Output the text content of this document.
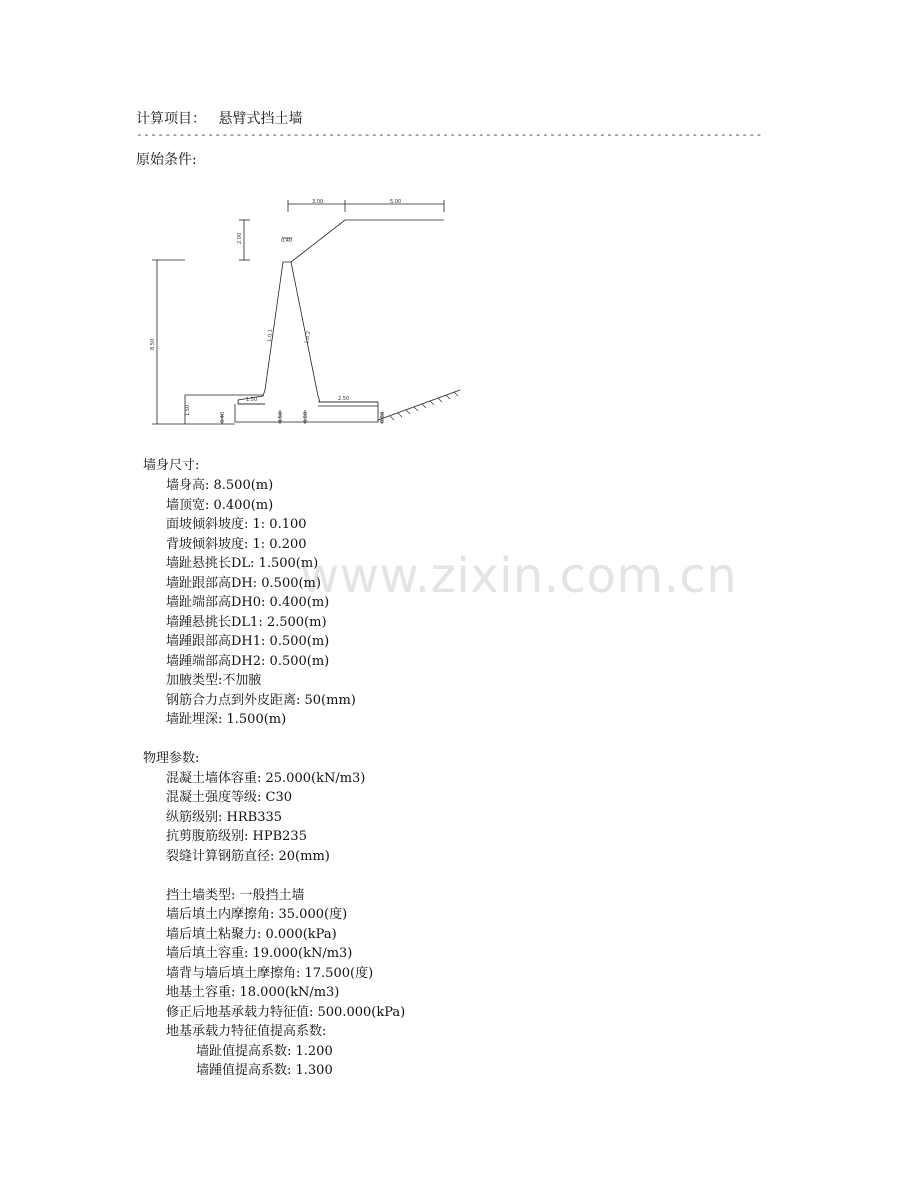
计算项目： 悬臂式挡土墙
----------------------------------------------------------------------------------------
原始条件:
www.zixin.com.cn
3.00	5.00
2.00	0.40
8.50
1.50
1.50	2.50
1:0.1	1:0.2
0.40	0.50	0.50	0.50
墙身尺寸:
墙身高: 8.500(m)
墙顶宽: 0.400(m)
面坡倾斜坡度: 1: 0.100
背坡倾斜坡度: 1: 0.200
墙趾悬挑长DL: 1.500(m)
墙趾跟部高DH: 0.500(m)
墙趾端部高DH0: 0.400(m)
墙踵悬挑长DL1: 2.500(m)
墙踵跟部高DH1: 0.500(m)
墙踵端部高DH2: 0.500(m)
加腋类型:不加腋
钢筋合力点到外皮距离: 50(mm)
墙趾埋深: 1.500(m)
物理参数:
混凝土墙体容重: 25.000(kN/m3)
混凝土强度等级: C30
纵筋级别: HRB335
抗剪腹筋级别: HPB235
裂缝计算钢筋直径: 20(mm)
挡土墙类型: 一般挡土墙
墙后填土内摩擦角: 35.000(度)
墙后填土粘聚力: 0.000(kPa)
墙后填土容重: 19.000(kN/m3)
墙背与墙后填土摩擦角: 17.500(度)
地基土容重: 18.000(kN/m3)
修正后地基承载力特征值: 500.000(kPa)
地基承载力特征值提高系数:
墙趾值提高系数: 1.200
墙踵值提高系数: 1.300
